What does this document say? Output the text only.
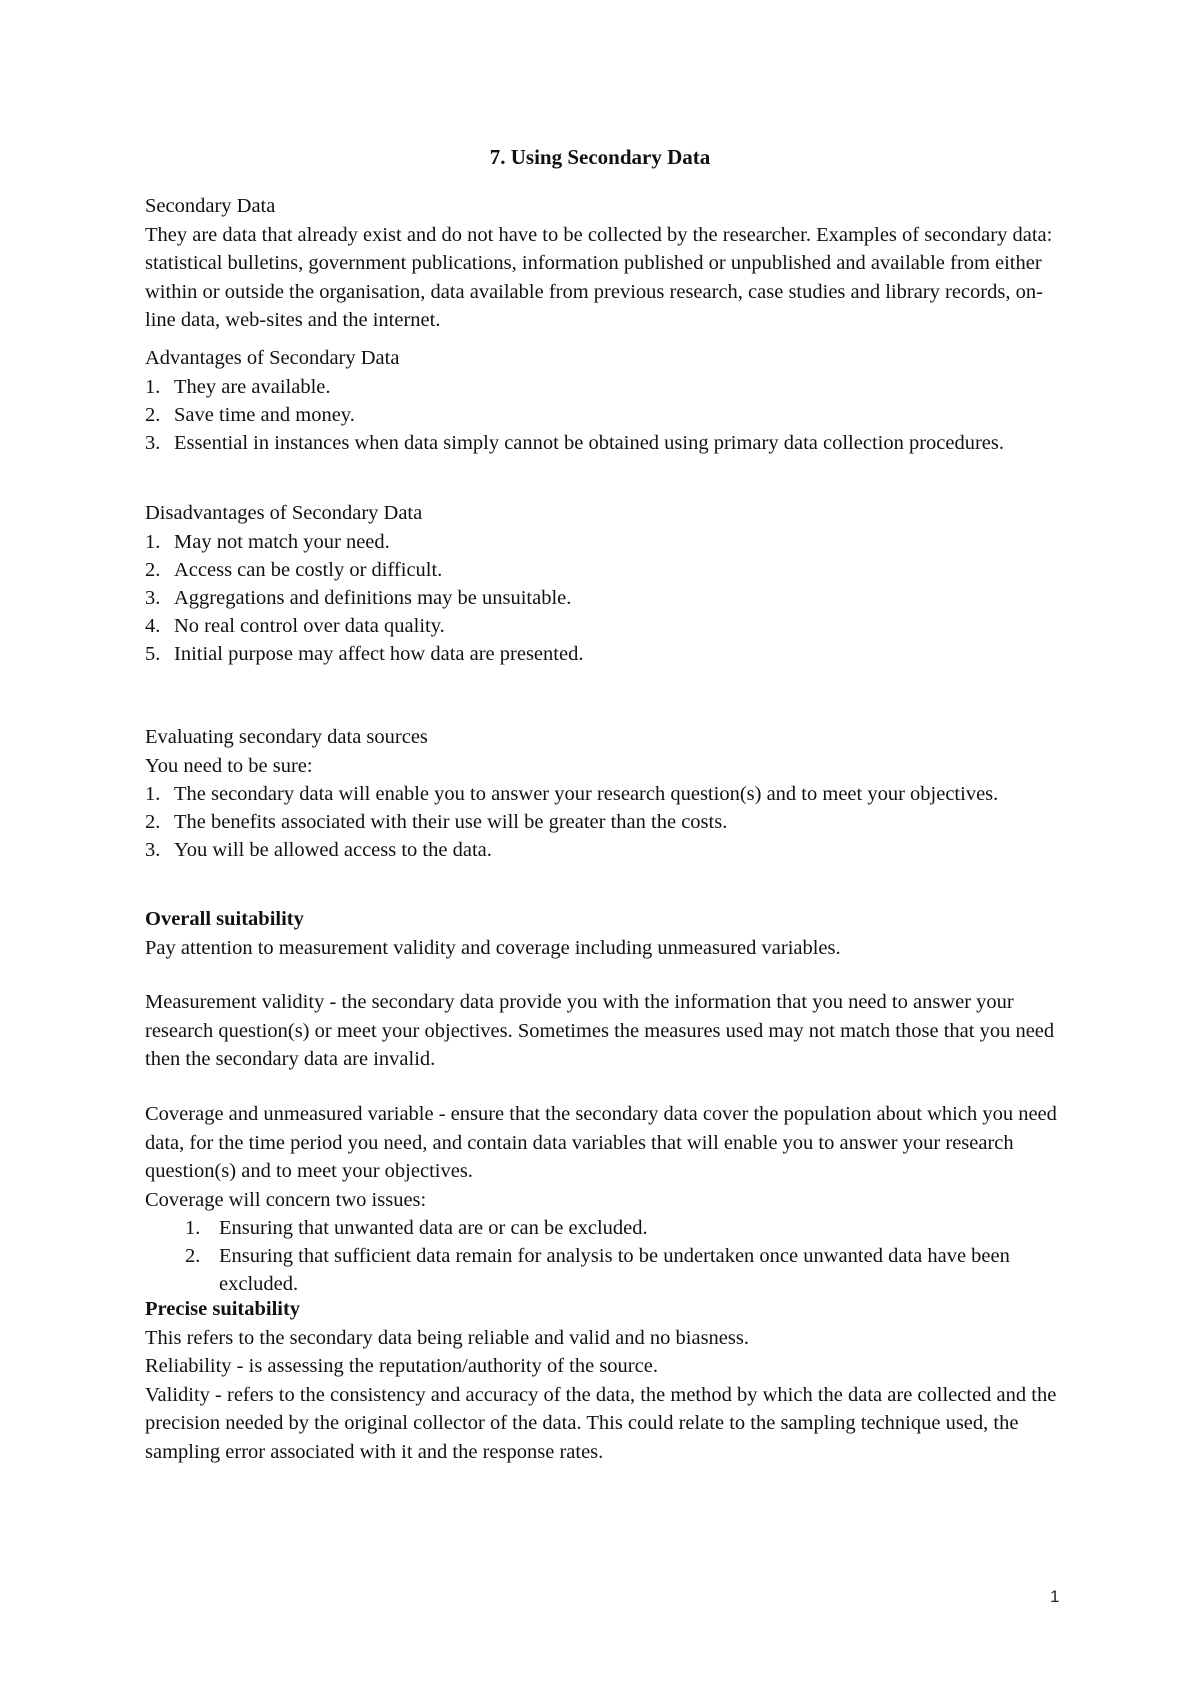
7. Using Secondary Data

Secondary Data

They are data that already exist and do not have to be collected by the researcher. Examples of secondary data: statistical bulletins, government publications, information published or unpublished and available from either within or outside the organisation, data available from previous research, case studies and library records, on-line data, web-sites and the internet.

Advantages of Secondary Data

1. They are available.
2. Save time and money.
3. Essential in instances when data simply cannot be obtained using primary data collection procedures.

Disadvantages of Secondary Data

1. May not match your need.
2. Access can be costly or difficult.
3. Aggregations and definitions may be unsuitable.
4. No real control over data quality.
5. Initial purpose may affect how data are presented.

Evaluating secondary data sources

You need to be sure:

1. The secondary data will enable you to answer your research question(s) and to meet your objectives.
2. The benefits associated with their use will be greater than the costs.
3. You will be allowed access to the data.

Overall suitability

Pay attention to measurement validity and coverage including unmeasured variables.

Measurement validity - the secondary data provide you with the information that you need to answer your research question(s) or meet your objectives. Sometimes the measures used may not match those that you need then the secondary data are invalid.

Coverage and unmeasured variable - ensure that the secondary data cover the population about which you need data, for the time period you need, and contain data variables that will enable you to answer your research question(s) and to meet your objectives.

Coverage will concern two issues:

1. Ensuring that unwanted data are or can be excluded.
2. Ensuring that sufficient data remain for analysis to be undertaken once unwanted data have been excluded.

Precise suitability

This refers to the secondary data being reliable and valid and no biasness.

Reliability - is assessing the reputation/authority of the source.

Validity - refers to the consistency and accuracy of the data, the method by which the data are collected and the precision needed by the original collector of the data. This could relate to the sampling technique used, the sampling error associated with it and the response rates.

1
